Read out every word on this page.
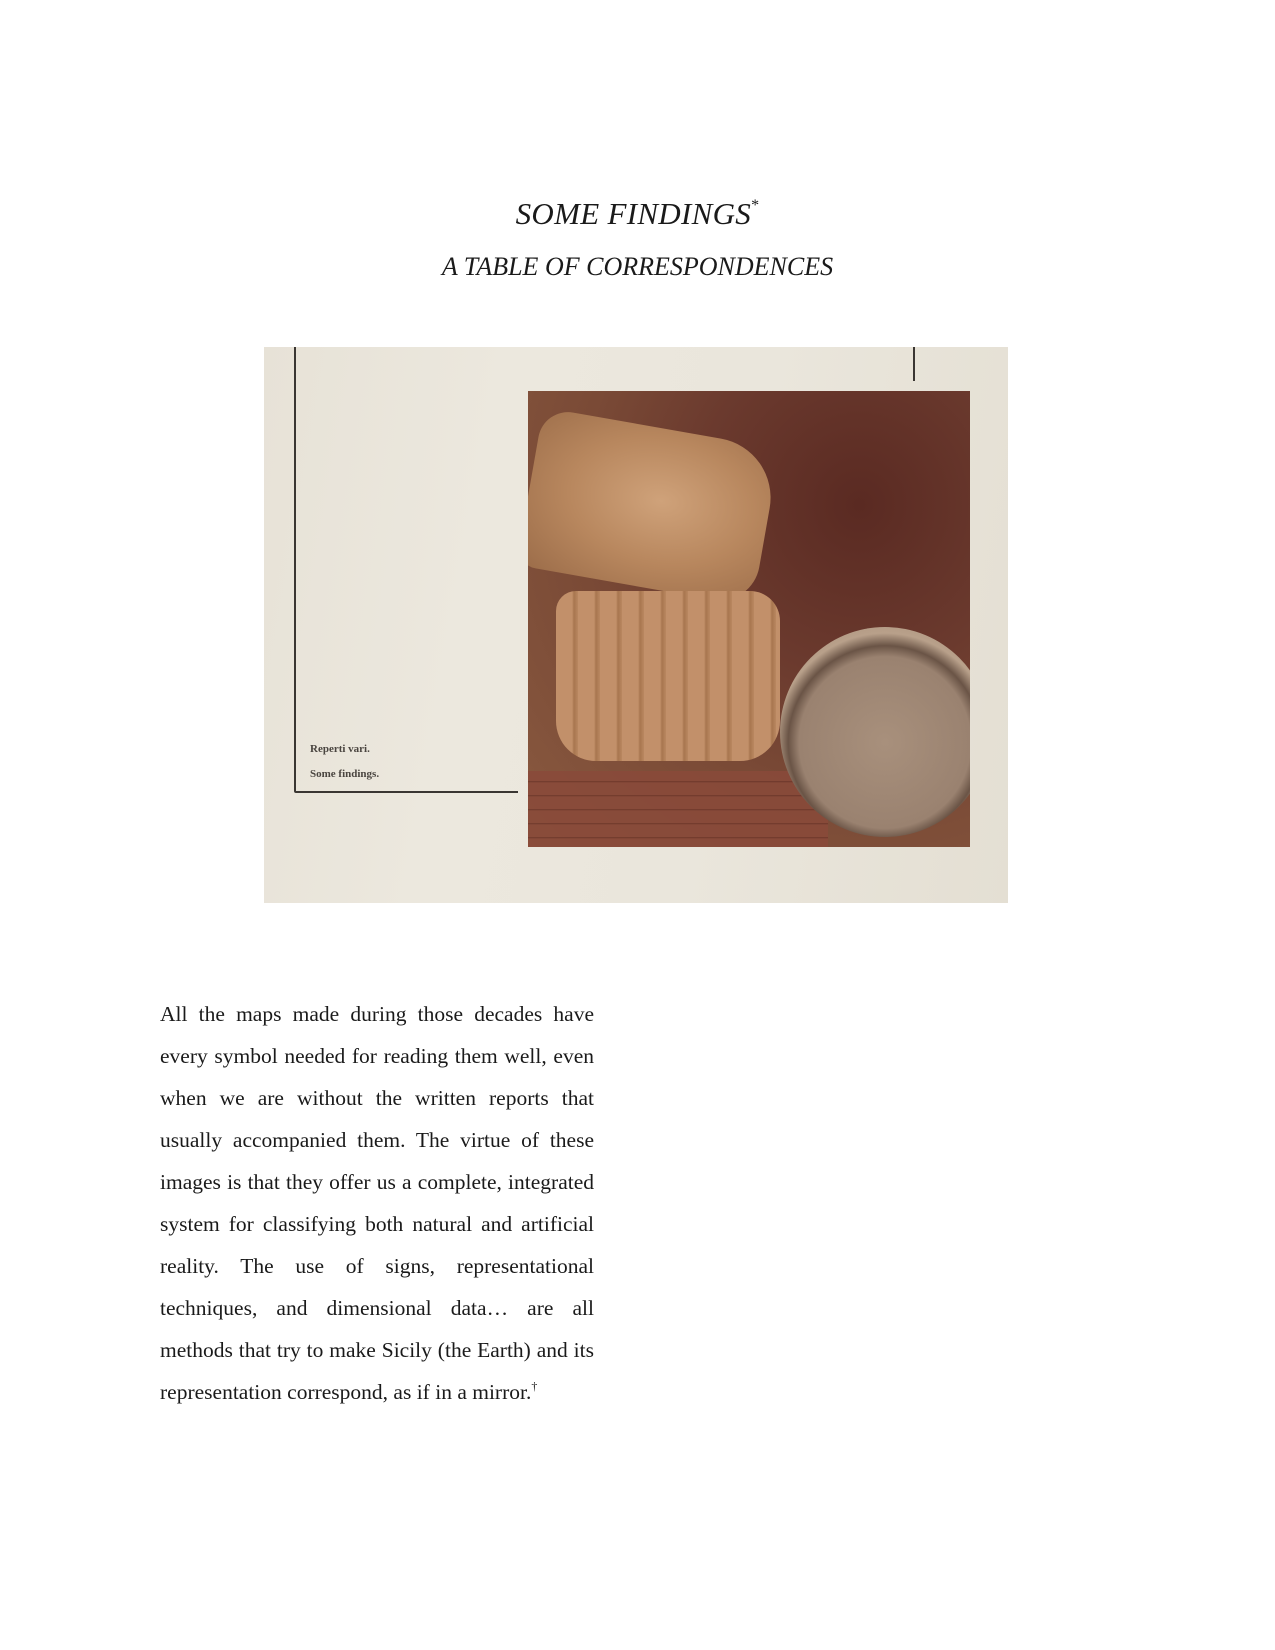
SOME FINDINGS*
A TABLE OF CORRESPONDENCES
Reperti vari.
Some findings.

All the maps made during those decades have every symbol needed for reading them well, even when we are without the written reports that usually accompanied them. The virtue of these images is that they offer us a complete, integrated system for classifying both natural and artificial reality. The use of signs, representational techniques, and dimensional data… are all methods that try to make Sicily (the Earth) and its representation correspond, as if in a mirror.†
